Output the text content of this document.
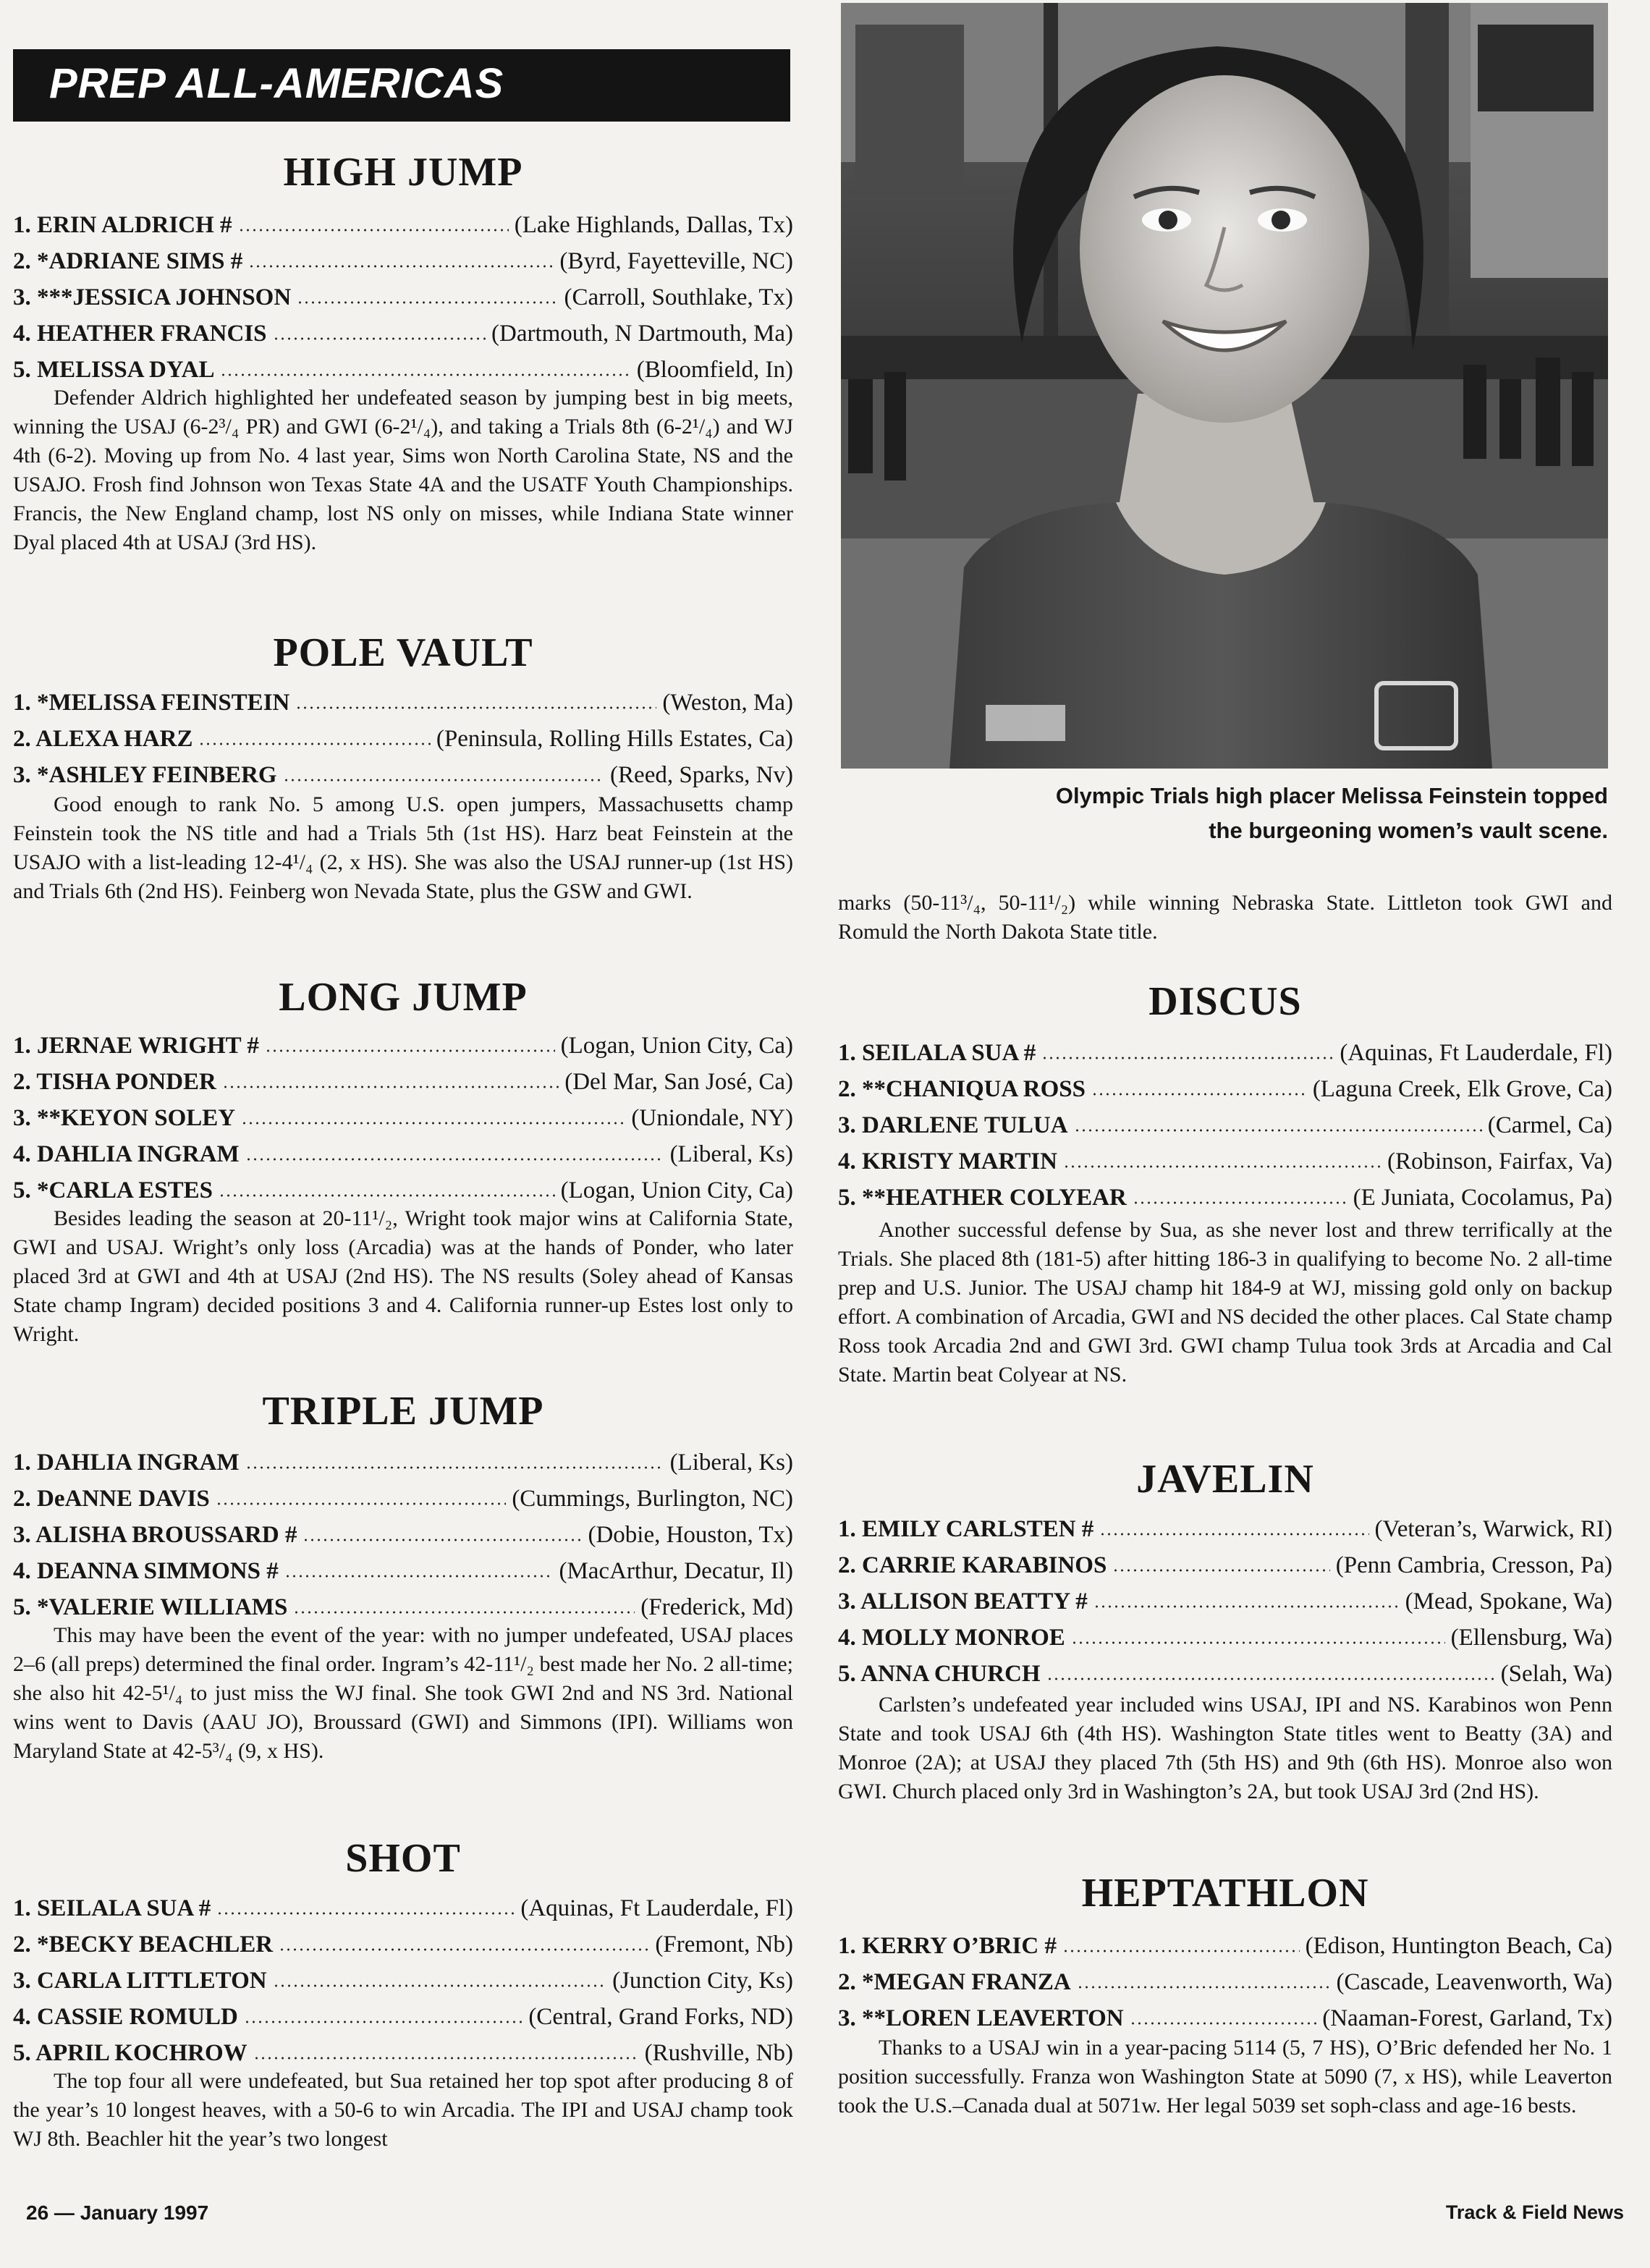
PREP ALL-AMERICAS
HIGH JUMP
1. ERIN ALDRICH #	(Lake Highlands, Dallas, Tx)
2. *ADRIANE SIMS #	(Byrd, Fayetteville, NC)
3. ***JESSICA JOHNSON	(Carroll, Southlake, Tx)
4. HEATHER FRANCIS	(Dartmouth, N Dartmouth, Ma)
5. MELISSA DYAL	(Bloomfield, In)

Defender Aldrich highlighted her undefeated season by jumping best in big meets, winning the USAJ (6-2³/₄ PR) and GWI (6-2¹/₄), and taking a Trials 8th (6-2¹/₄) and WJ 4th (6-2). Moving up from No. 4 last year, Sims won North Carolina State, NS and the USAJO. Frosh find Johnson won Texas State 4A and the USATF Youth Championships. Francis, the New England champ, lost NS only on misses, while Indiana State winner Dyal placed 4th at USAJ (3rd HS).

POLE VAULT
1. *MELISSA FEINSTEIN	(Weston, Ma)
2. ALEXA HARZ	(Peninsula, Rolling Hills Estates, Ca)
3. *ASHLEY FEINBERG	(Reed, Sparks, Nv)

Good enough to rank No. 5 among U.S. open jumpers, Massachusetts champ Feinstein took the NS title and had a Trials 5th (1st HS). Harz beat Feinstein at the USAJO with a list-leading 12-4¹/₄ (2, x HS). She was also the USAJ runner-up (1st HS) and Trials 6th (2nd HS). Feinberg won Nevada State, plus the GSW and GWI.

LONG JUMP
1. JERNAE WRIGHT #	(Logan, Union City, Ca)
2. TISHA PONDER	(Del Mar, San José, Ca)
3. **KEYON SOLEY	(Uniondale, NY)
4. DAHLIA INGRAM	(Liberal, Ks)
5. *CARLA ESTES	(Logan, Union City, Ca)

Besides leading the season at 20-11¹/₂, Wright took major wins at California State, GWI and USAJ. Wright’s only loss (Arcadia) was at the hands of Ponder, who later placed 3rd at GWI and 4th at USAJ (2nd HS). The NS results (Soley ahead of Kansas State champ Ingram) decided positions 3 and 4. California runner-up Estes lost only to Wright.

TRIPLE JUMP
1. DAHLIA INGRAM	(Liberal, Ks)
2. DeANNE DAVIS	(Cummings, Burlington, NC)
3. ALISHA BROUSSARD #	(Dobie, Houston, Tx)
4. DEANNA SIMMONS #	(MacArthur, Decatur, Il)
5. *VALERIE WILLIAMS	(Frederick, Md)

This may have been the event of the year: with no jumper undefeated, USAJ places 2–6 (all preps) determined the final order. Ingram’s 42-11¹/₂ best made her No. 2 all-time; she also hit 42-5¹/₄ to just miss the WJ final. She took GWI 2nd and NS 3rd. National wins went to Davis (AAU JO), Broussard (GWI) and Simmons (IPI). Williams won Maryland State at 42-5³/₄ (9, x HS).

SHOT
1. SEILALA SUA #	(Aquinas, Ft Lauderdale, Fl)
2. *BECKY BEACHLER	(Fremont, Nb)
3. CARLA LITTLETON	(Junction City, Ks)
4. CASSIE ROMULD	(Central, Grand Forks, ND)
5. APRIL KOCHROW	(Rushville, Nb)

The top four all were undefeated, but Sua retained her top spot after producing 8 of the year’s 10 longest heaves, with a 50-6 to win Arcadia. The IPI and USAJ champ took WJ 8th. Beachler hit the year’s two longest

Olympic Trials high placer Melissa Feinstein topped
the burgeoning women’s vault scene.

marks (50-11³/₄, 50-11¹/₂) while winning Nebraska State. Littleton took GWI and Romuld the North Dakota State title.

DISCUS
1. SEILALA SUA #	(Aquinas, Ft Lauderdale, Fl)
2. **CHANIQUA ROSS	(Laguna Creek, Elk Grove, Ca)
3. DARLENE TULUA	(Carmel, Ca)
4. KRISTY MARTIN	(Robinson, Fairfax, Va)
5. **HEATHER COLYEAR	(E Juniata, Cocolamus, Pa)

Another successful defense by Sua, as she never lost and threw terrifically at the Trials. She placed 8th (181-5) after hitting 186-3 in qualifying to become No. 2 all-time prep and U.S. Junior. The USAJ champ hit 184-9 at WJ, missing gold only on backup effort. A combination of Arcadia, GWI and NS decided the other places. Cal State champ Ross took Arcadia 2nd and GWI 3rd. GWI champ Tulua took 3rds at Arcadia and Cal State. Martin beat Colyear at NS.

JAVELIN
1. EMILY CARLSTEN #	(Veteran’s, Warwick, RI)
2. CARRIE KARABINOS	(Penn Cambria, Cresson, Pa)
3. ALLISON BEATTY #	(Mead, Spokane, Wa)
4. MOLLY MONROE	(Ellensburg, Wa)
5. ANNA CHURCH	(Selah, Wa)

Carlsten’s undefeated year included wins USAJ, IPI and NS. Karabinos won Penn State and took USAJ 6th (4th HS). Washington State titles went to Beatty (3A) and Monroe (2A); at USAJ they placed 7th (5th HS) and 9th (6th HS). Monroe also won GWI. Church placed only 3rd in Washington’s 2A, but took USAJ 3rd (2nd HS).

HEPTATHLON
1. KERRY O’BRIC #	(Edison, Huntington Beach, Ca)
2. *MEGAN FRANZA	(Cascade, Leavenworth, Wa)
3. **LOREN LEAVERTON	(Naaman-Forest, Garland, Tx)

Thanks to a USAJ win in a year-pacing 5114 (5, 7 HS), O’Bric defended her No. 1 position successfully. Franza won Washington State at 5090 (7, x HS), while Leaverton took the U.S.–Canada dual at 5071w. Her legal 5039 set soph-class and age-16 bests.

26 — January 1997	Track & Field News
